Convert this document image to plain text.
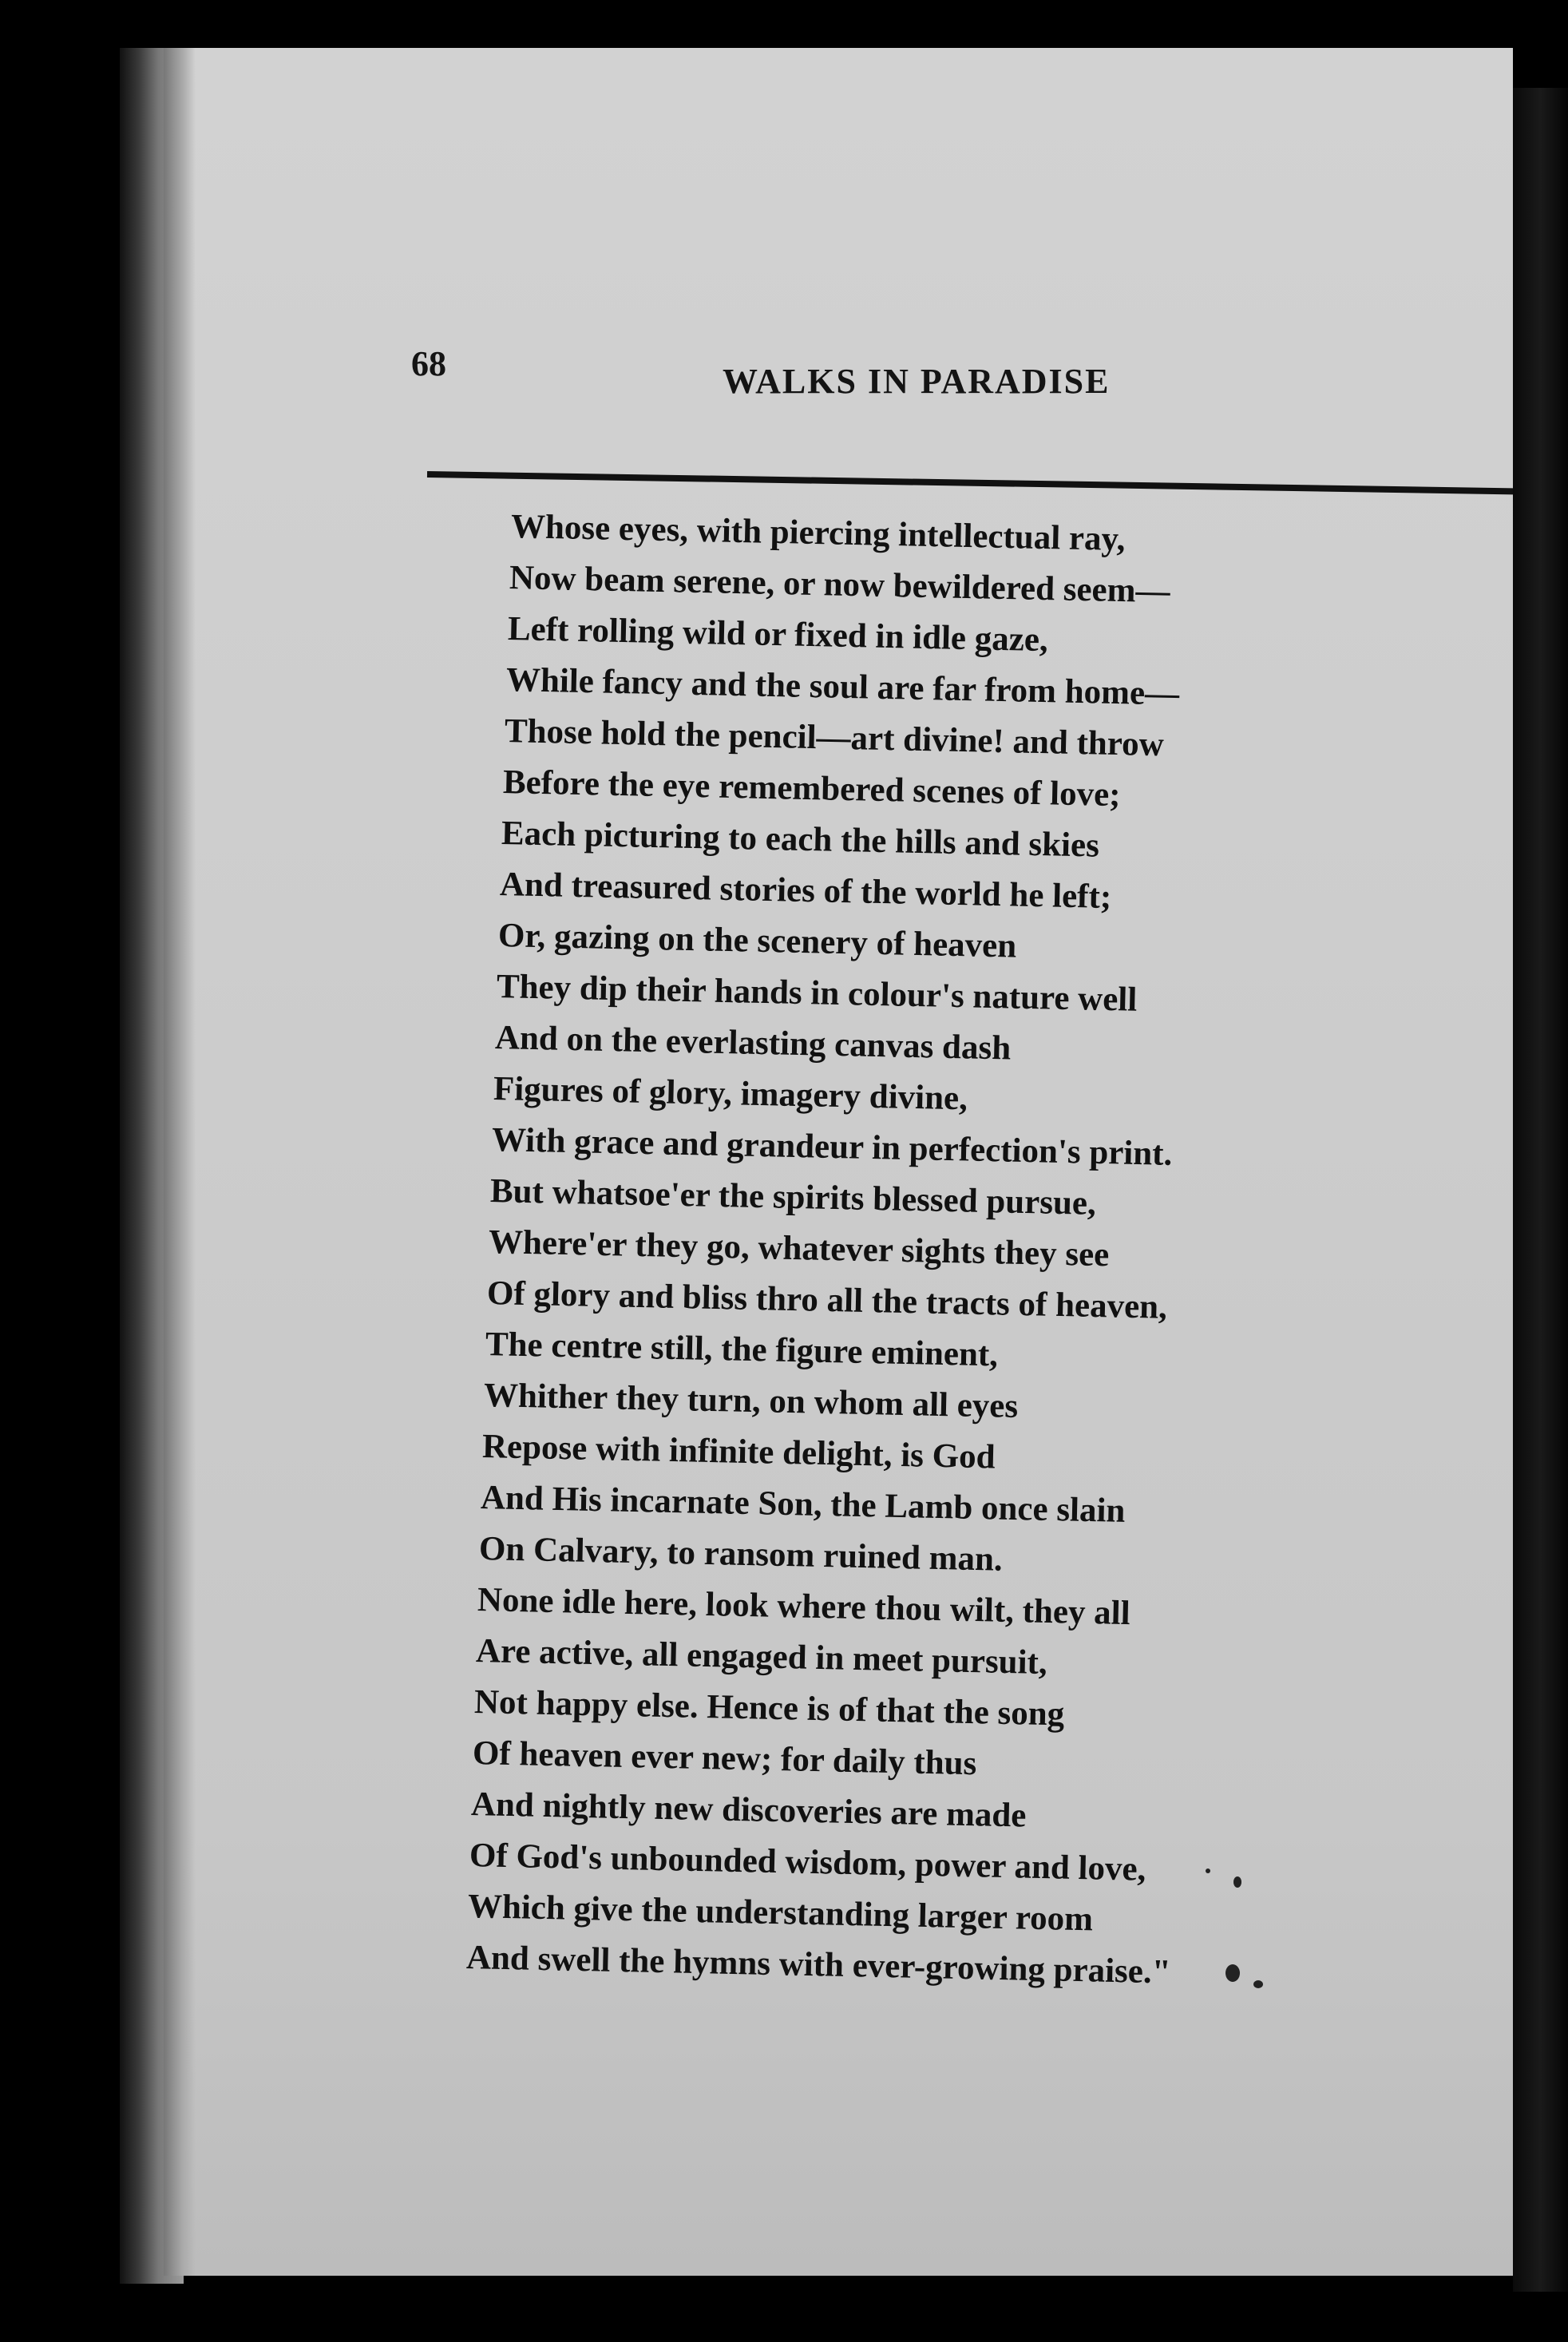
68	WALKS IN PARADISE
Whose eyes, with piercing intellectual ray,
Now beam serene, or now bewildered seem—
Left rolling wild or fixed in idle gaze,
While fancy and the soul are far from home—
Those hold the pencil—art divine! and throw
Before the eye remembered scenes of love;
Each picturing to each the hills and skies
And treasured stories of the world he left;
Or, gazing on the scenery of heaven
They dip their hands in colour's nature well
And on the everlasting canvas dash
Figures of glory, imagery divine,
With grace and grandeur in perfection's print.
But whatsoe'er the spirits blessed pursue,
Where'er they go, whatever sights they see
Of glory and bliss thro all the tracts of heaven,
The centre still, the figure eminent,
Whither they turn, on whom all eyes
Repose with infinite delight, is God
And His incarnate Son, the Lamb once slain
On Calvary, to ransom ruined man.
None idle here, look where thou wilt, they all
Are active, all engaged in meet pursuit,
Not happy else. Hence is of that the song
Of heaven ever new; for daily thus
And nightly new discoveries are made
Of God's unbounded wisdom, power and love,
Which give the understanding larger room
And swell the hymns with ever-growing praise."
